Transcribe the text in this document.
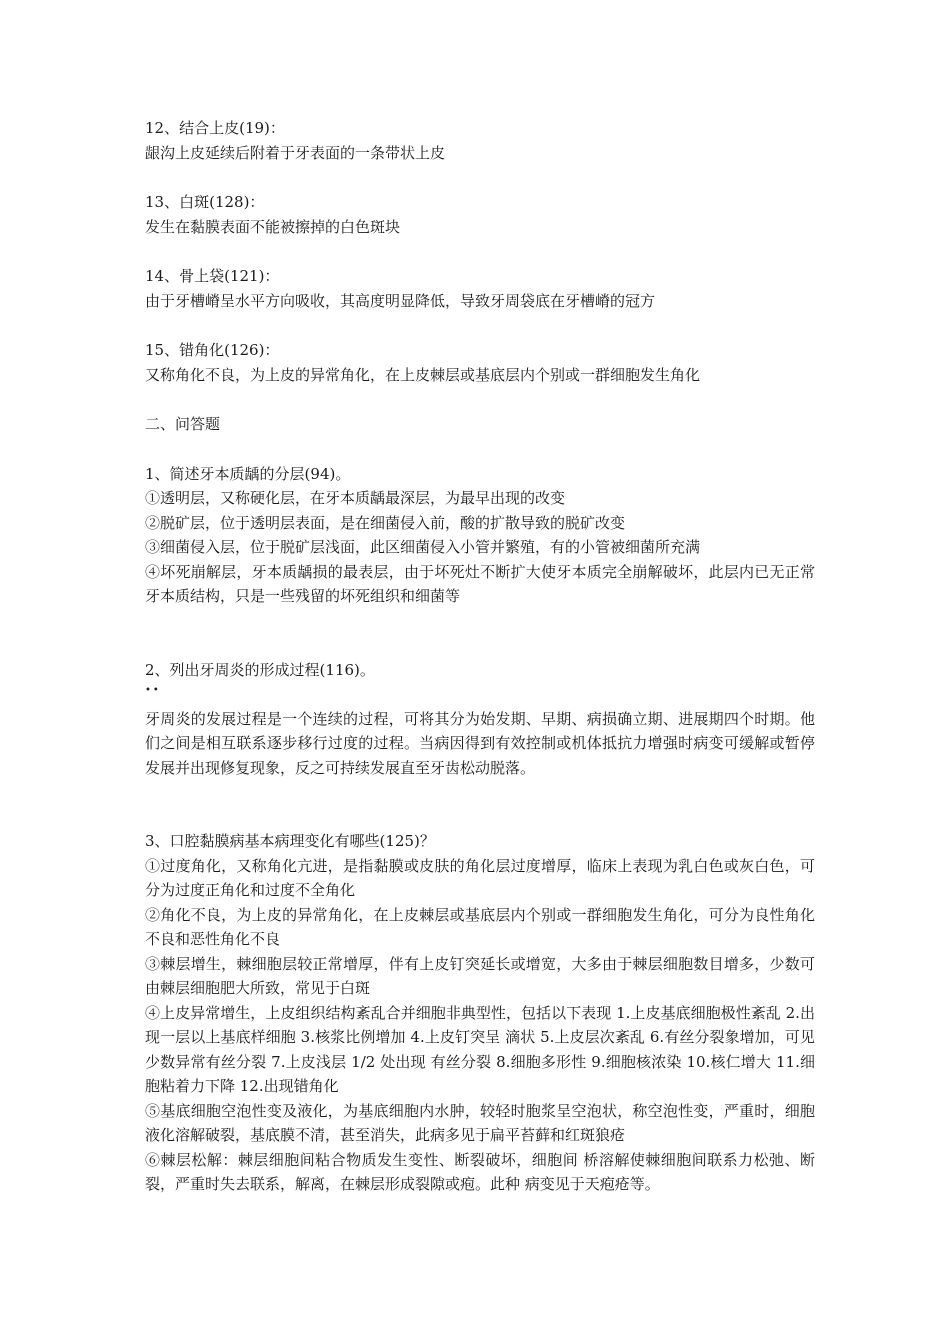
12、结合上皮(19)：

龈沟上皮延续后附着于牙表面的一条带状上皮

13、白斑(128)：

发生在黏膜表面不能被擦掉的白色斑块

14、骨上袋(121)：

由于牙槽嵴呈水平方向吸收，其高度明显降低，导致牙周袋底在牙槽嵴的冠方

15、错角化(126)：

又称角化不良，为上皮的异常角化，在上皮棘层或基底层内个别或一群细胞发生角化

二、问答题

1、简述牙本质龋的分层(94)。

①透明层，又称硬化层，在牙本质龋最深层，为最早出现的改变

②脱矿层，位于透明层表面，是在细菌侵入前，酸的扩散导致的脱矿改变

③细菌侵入层，位于脱矿层浅面，此区细菌侵入小管并繁殖，有的小管被细菌所充满

④坏死崩解层，牙本质龋损的最表层，由于坏死灶不断扩大使牙本质完全崩解破坏，此层内已无正常牙本质结构，只是一些残留的坏死组织和细菌等

2、列出牙周炎的形成过程(116)。

••

牙周炎的发展过程是一个连续的过程，可将其分为始发期、早期、病损确立期、进展期四个时期。他们之间是相互联系逐步移行过度的过程。当病因得到有效控制或机体抵抗力增强时病变可缓解或暂停发展并出现修复现象，反之可持续发展直至牙齿松动脱落。

3、口腔黏膜病基本病理变化有哪些(125)？

①过度角化，又称角化亢进，是指黏膜或皮肤的角化层过度增厚，临床上表现为乳白色或灰白色，可分为过度正角化和过度不全角化

②角化不良，为上皮的异常角化，在上皮棘层或基底层内个别或一群细胞发生角化，可分为良性角化不良和恶性角化不良

③棘层增生，棘细胞层较正常增厚，伴有上皮钉突延长或增宽，大多由于棘层细胞数目增多，少数可由棘层细胞肥大所致，常见于白斑

④上皮异常增生，上皮组织结构紊乱合并细胞非典型性，包括以下表现 1.上皮基底细胞极性紊乱 2.出现一层以上基底样细胞 3.核浆比例增加 4.上皮钉突呈 滴状 5.上皮层次紊乱 6.有丝分裂象增加，可见少数异常有丝分裂 7.上皮浅层 1/2 处出现 有丝分裂 8.细胞多形性 9.细胞核浓染 10.核仁增大 11.细胞粘着力下降 12.出现错角化

⑤基底细胞空泡性变及液化，为基底细胞内水肿，较轻时胞浆呈空泡状，称空泡性变，严重时，细胞液化溶解破裂，基底膜不清，甚至消失，此病多见于扁平苔藓和红斑狼疮

⑥棘层松解：棘层细胞间粘合物质发生变性、断裂破坏，细胞间 桥溶解使棘细胞间联系力松弛、断裂，严重时失去联系，解离，在棘层形成裂隙或疱。此种 病变见于天疱疮等。
